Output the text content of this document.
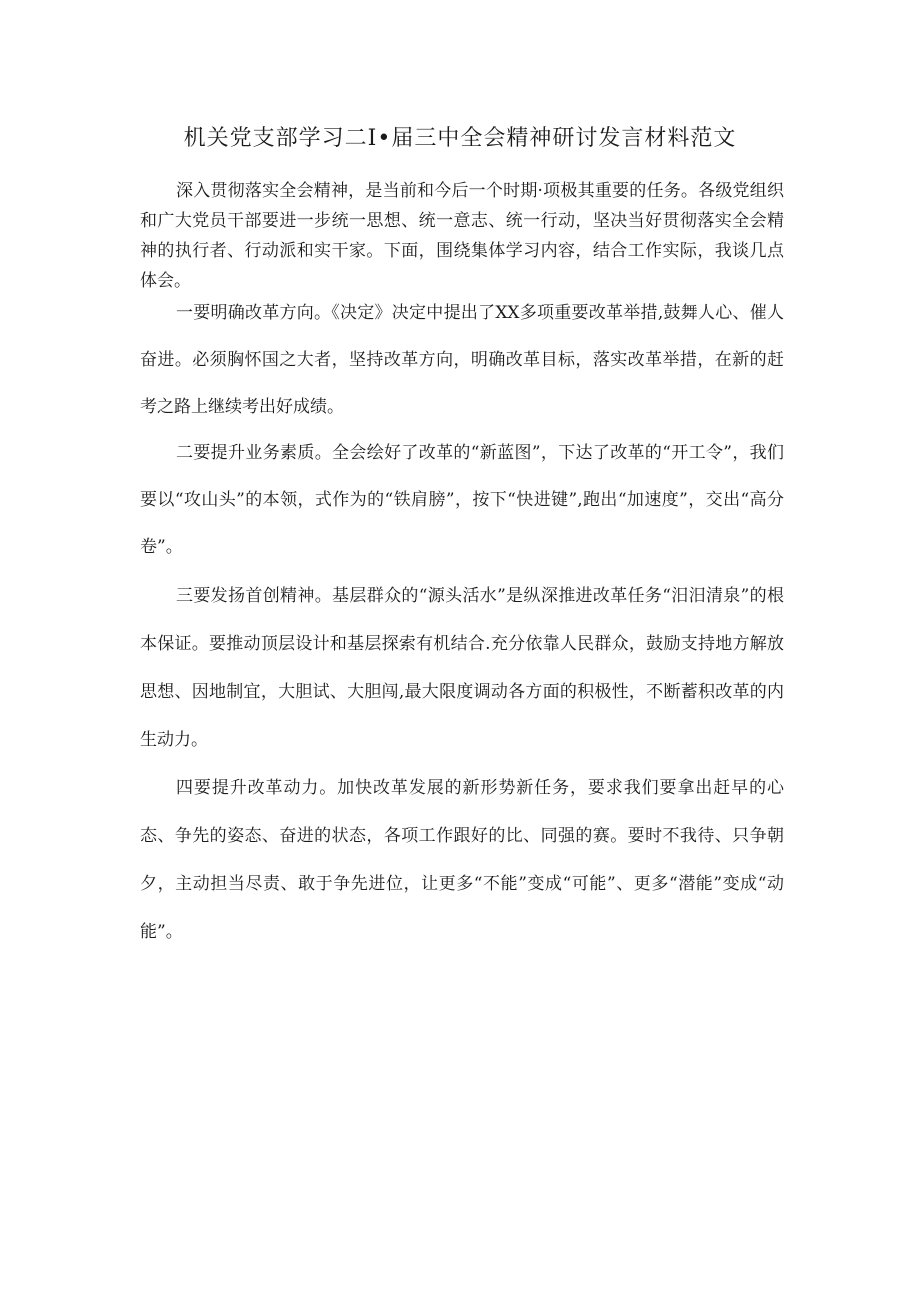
机关党支部学习二I•届三中全会精神研讨发言材料范文

深入贯彻落实全会精神，是当前和今后一个时期·项极其重要的任务。各级党组织和广大党员干部要进一步统一思想、统一意志、统一行动，坚决当好贯彻落实全会精神的执行者、行动派和实干家。下面，围绕集体学习内容，结合工作实际，我谈几点体会。

一要明确改革方向。《决定》决定中提出了XX多项重要改革举措,鼓舞人心、催人奋进。必须胸怀国之大者，坚持改革方向，明确改革目标，落实改革举措，在新的赶考之路上继续考出好成绩。

二要提升业务素质。全会绘好了改革的“新蓝图”，下达了改革的“开工令”，我们要以“攻山头”的本领，式作为的“铁肩膀”，按下“快进键”,跑出“加速度”，交出“高分卷”。

三要发扬首创精神。基层群众的“源头活水”是纵深推进改革任务“汨汨清泉”的根本保证。要推动顶层设计和基层探索有机结合.充分依靠人民群众，鼓励支持地方解放思想、因地制宜，大胆试、大胆闯,最大限度调动各方面的积极性，不断蓄积改革的内生动力。

四要提升改革动力。加快改革发展的新形势新任务，要求我们要拿出赶早的心态、争先的姿态、奋进的状态，各项工作跟好的比、同强的赛。要时不我待、只争朝夕，主动担当尽责、敢于争先进位，让更多“不能”变成“可能”、更多“潜能”变成“动能”。
